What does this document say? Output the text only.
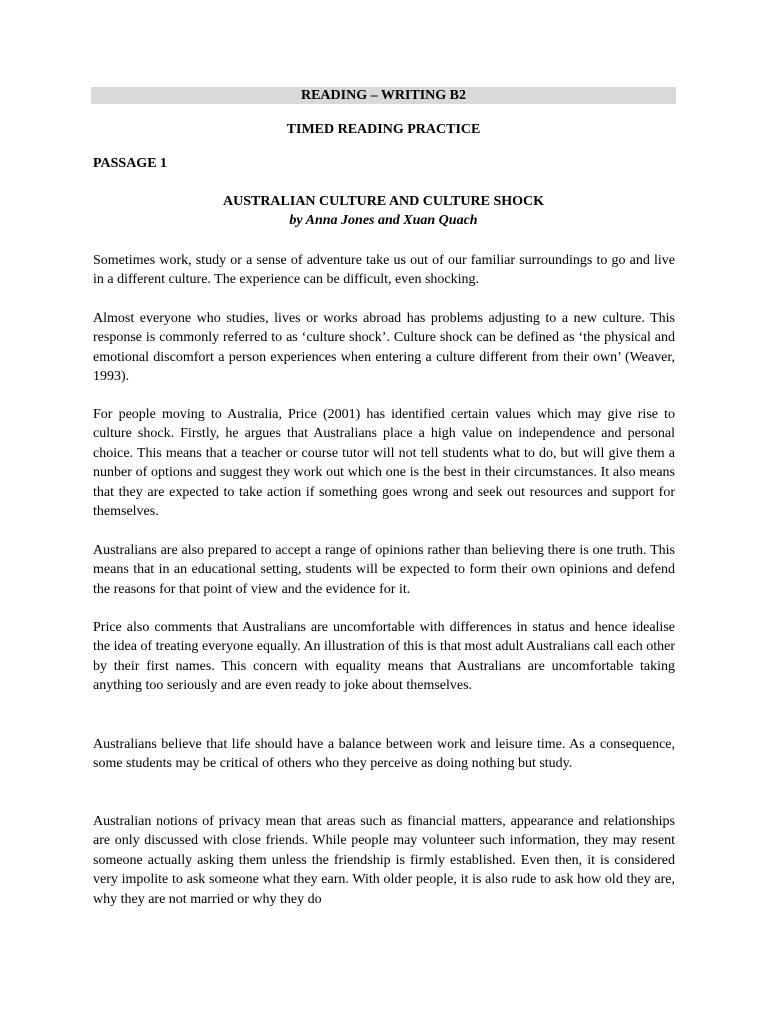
READING – WRITING B2
TIMED READING PRACTICE
PASSAGE 1
AUSTRALIAN CULTURE AND CULTURE SHOCK
by Anna Jones and Xuan Quach

Sometimes work, study or a sense of adventure take us out of our familiar surroundings to go and live in a different culture. The experience can be difficult, even shocking.

Almost everyone who studies, lives or works abroad has problems adjusting to a new culture. This response is commonly referred to as ‘culture shock’. Culture shock can be defined as ‘the physical and emotional discomfort a person experiences when entering a culture different from their own’ (Weaver, 1993).

For people moving to Australia, Price (2001) has identified certain values which may give rise to culture shock. Firstly, he argues that Australians place a high value on independence and personal choice. This means that a teacher or course tutor will not tell students what to do, but will give them a nunber of options and suggest they work out which one is the best in their circumstances. It also means that they are expected to take action if something goes wrong and seek out resources and support for themselves.

Australians are also prepared to accept a range of opinions rather than believing there is one truth. This means that in an educational setting, students will be expected to form their own opinions and defend the reasons for that point of view and the evidence for it.

Price also comments that Australians are uncomfortable with differences in status and hence idealise the idea of treating everyone equally. An illustration of this is that most adult Australians call each other by their first names. This concern with equality means that Australians are uncomfortable taking anything too seriously and are even ready to joke about themselves.

Australians believe that life should have a balance between work and leisure time. As a consequence, some students may be critical of others who they perceive as doing nothing but study.

Australian notions of privacy mean that areas such as financial matters, appearance and relationships are only discussed with close friends. While people may volunteer such information, they may resent someone actually asking them unless the friendship is firmly established. Even then, it is considered very impolite to ask someone what they earn. With older people, it is also rude to ask how old they are, why they are not married or why they do
